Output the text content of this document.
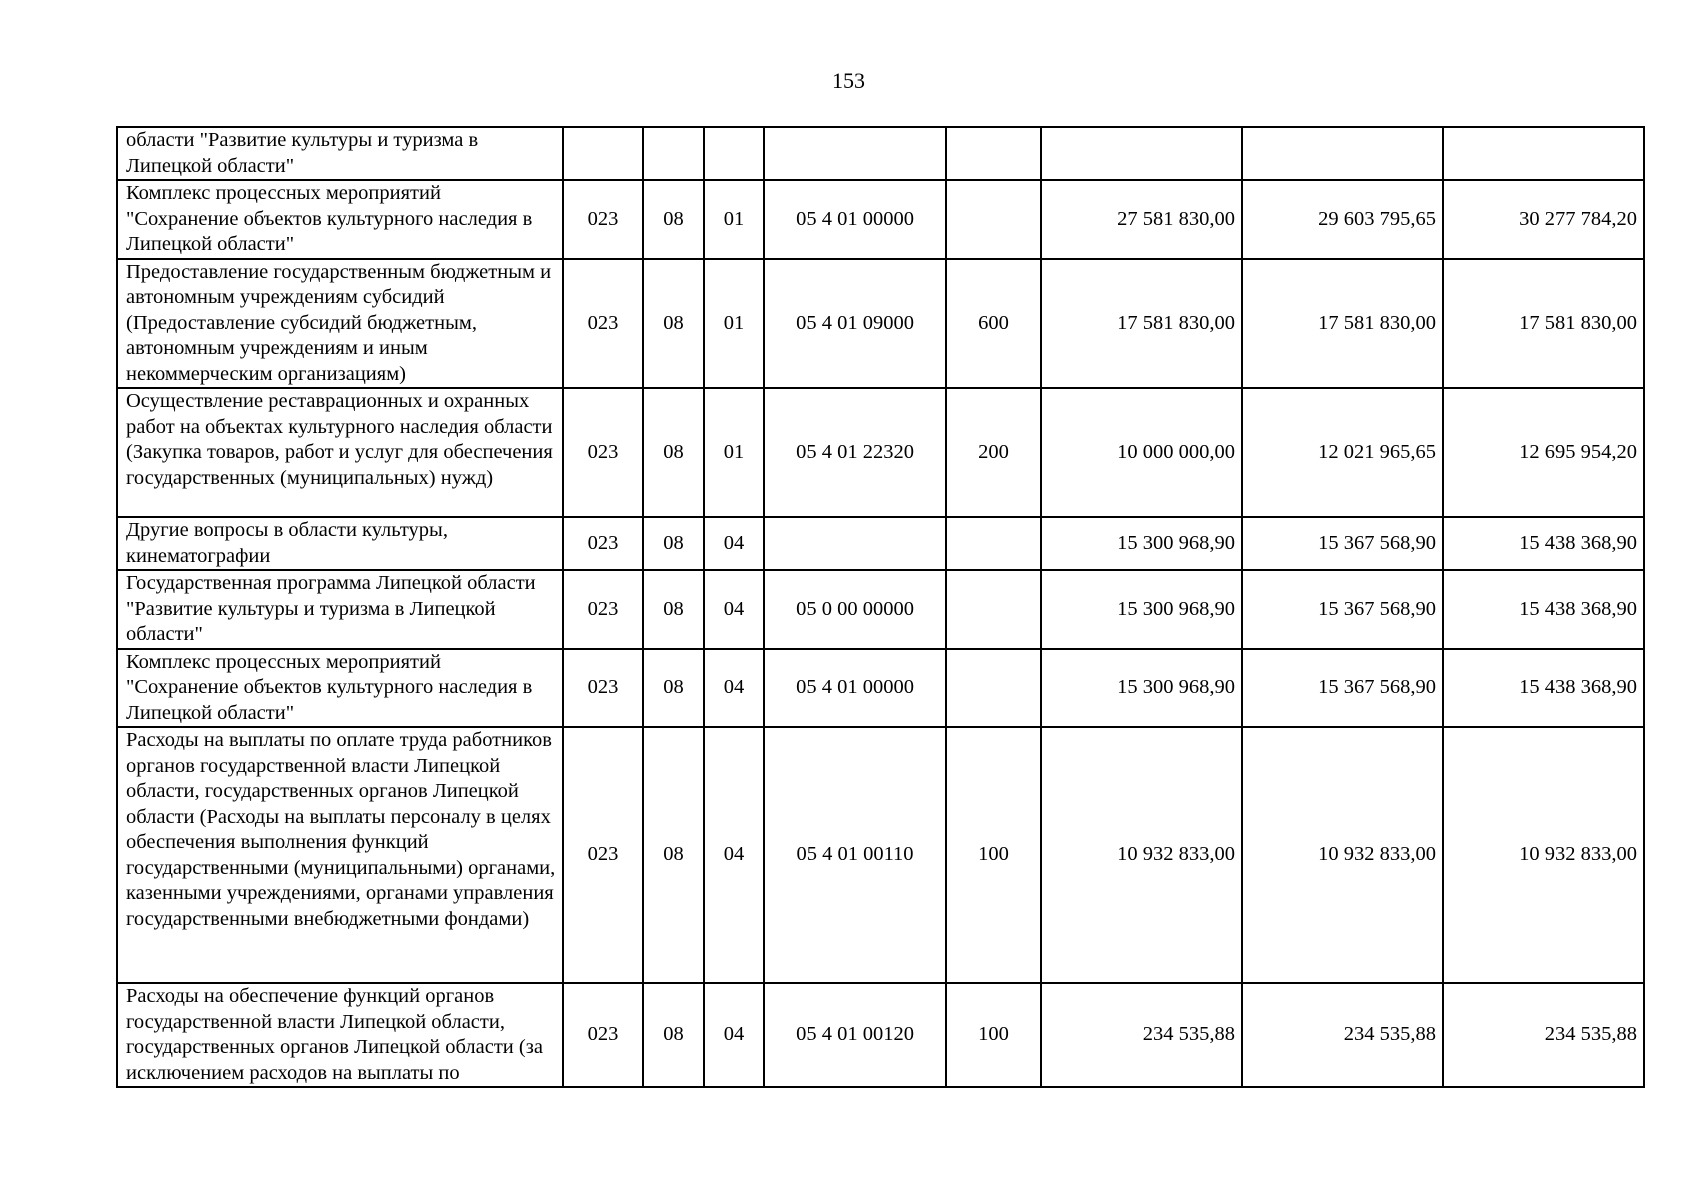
153
области "Развитие культуры и туризма в Липецкой области"								
Комплекс процессных мероприятий "Сохранение объектов культурного наследия в Липецкой области"	023	08	01	05 4 01 00000		27 581 830,00	29 603 795,65	30 277 784,20
Предоставление государственным бюджетным и автономным учреждениям субсидий (Предоставление субсидий бюджетным, автономным учреждениям и иным некоммерческим организациям)	023	08	01	05 4 01 09000	600	17 581 830,00	17 581 830,00	17 581 830,00
Осуществление реставрационных и охранных работ на объектах культурного наследия области (Закупка товаров, работ и услуг для обеспечения государственных (муниципальных) нужд)	023	08	01	05 4 01 22320	200	10 000 000,00	12 021 965,65	12 695 954,20
Другие вопросы в области культуры, кинематографии	023	08	04			15 300 968,90	15 367 568,90	15 438 368,90
Государственная программа Липецкой области "Развитие культуры и туризма в Липецкой области"	023	08	04	05 0 00 00000		15 300 968,90	15 367 568,90	15 438 368,90
Комплекс процессных мероприятий "Сохранение объектов культурного наследия в Липецкой области"	023	08	04	05 4 01 00000		15 300 968,90	15 367 568,90	15 438 368,90
Расходы на выплаты по оплате труда работников органов государственной власти Липецкой области, государственных органов Липецкой области (Расходы на выплаты персоналу в целях обеспечения выполнения функций государственными (муниципальными) органами, казенными учреждениями, органами управления государственными внебюджетными фондами)	023	08	04	05 4 01 00110	100	10 932 833,00	10 932 833,00	10 932 833,00
Расходы на обеспечение функций органов государственной власти Липецкой области, государственных органов Липецкой области (за исключением расходов на выплаты по	023	08	04	05 4 01 00120	100	234 535,88	234 535,88	234 535,88
